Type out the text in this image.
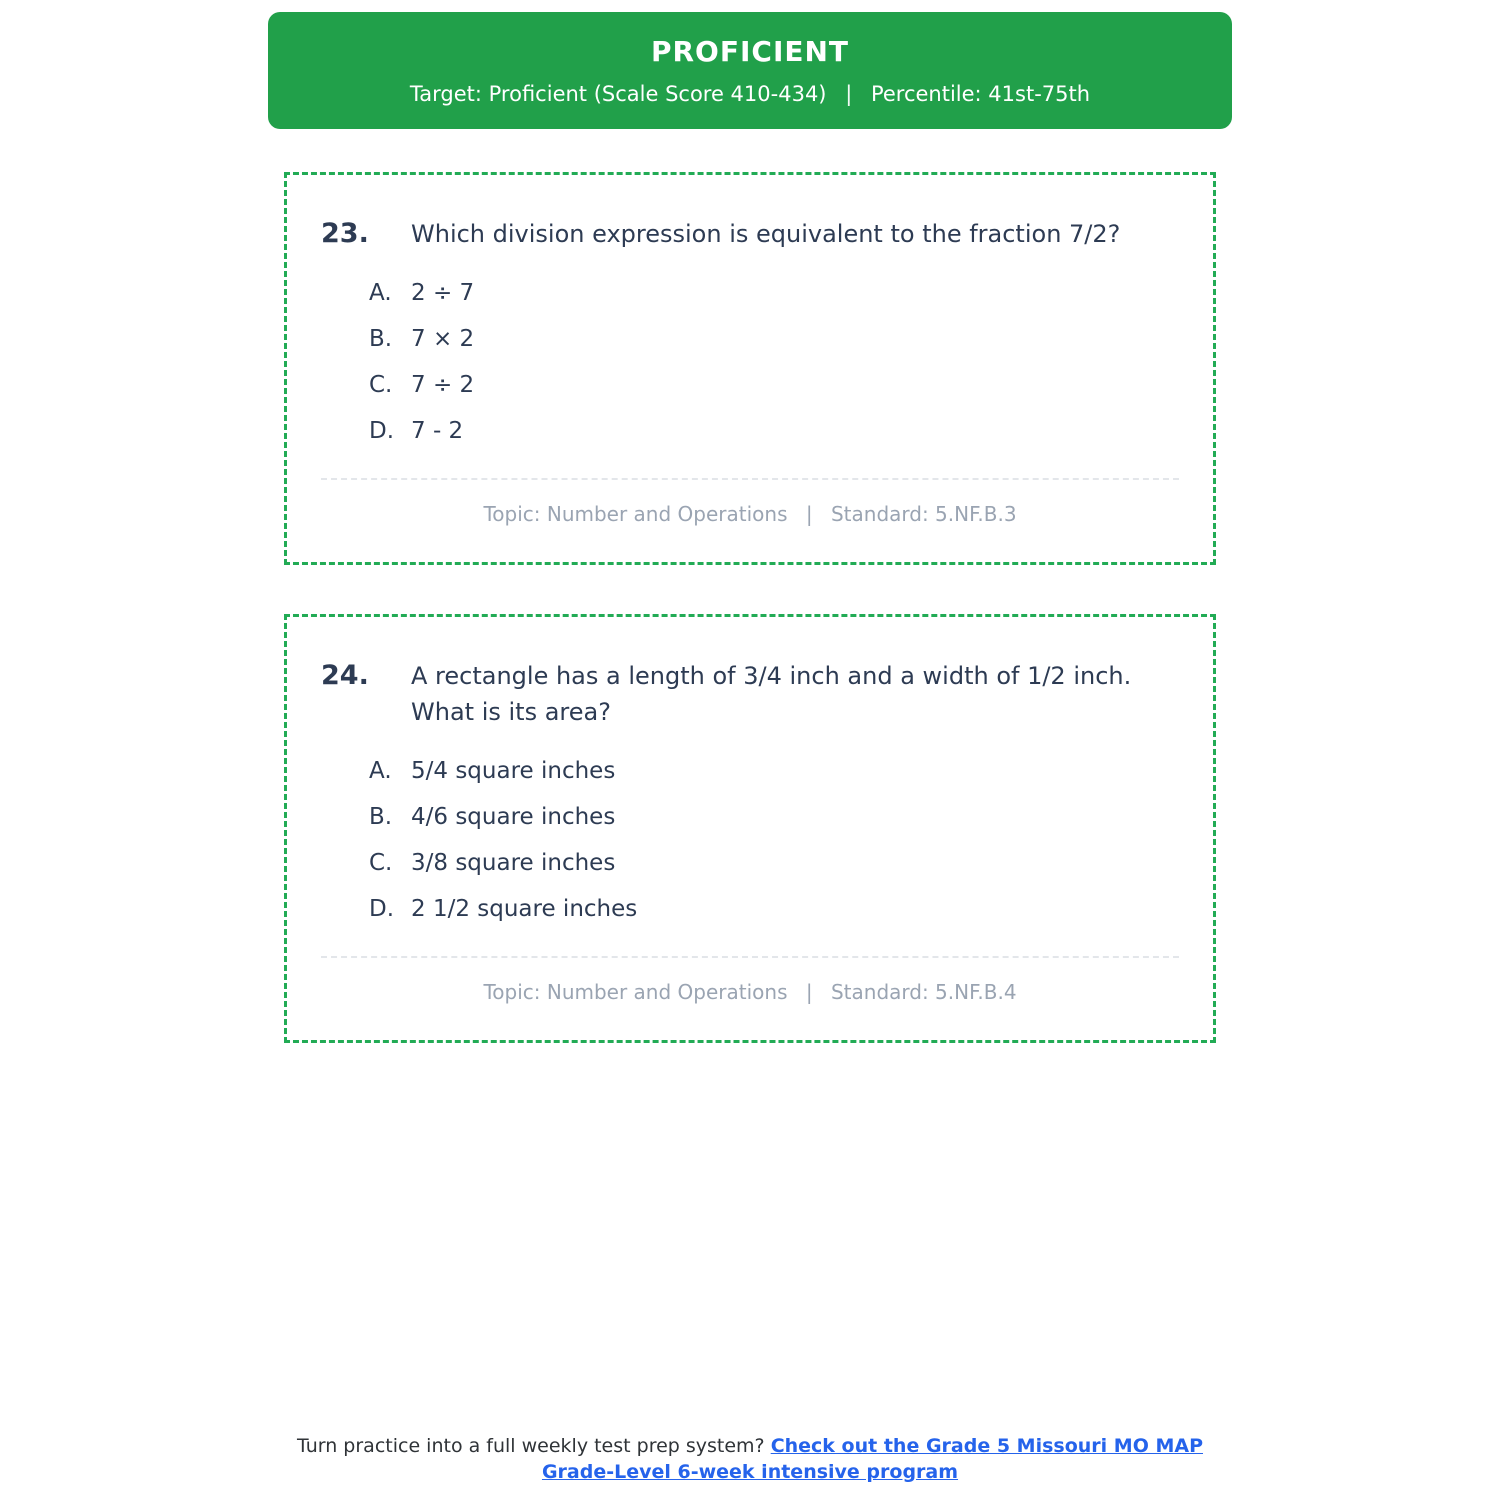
PROFICIENT
Target: Proficient (Scale Score 410-434) | Percentile: 41st-75th
23. Which division expression is equivalent to the fraction 7/2?
A. 2 ÷ 7
B. 7 × 2
C. 7 ÷ 2
D. 7 - 2
Topic: Number and Operations | Standard: 5.NF.B.3
24. A rectangle has a length of 3/4 inch and a width of 1/2 inch. What is its area?
A. 5/4 square inches
B. 4/6 square inches
C. 3/8 square inches
D. 2 1/2 square inches
Topic: Number and Operations | Standard: 5.NF.B.4
Turn practice into a full weekly test prep system? Check out the Grade 5 Missouri MO MAP Grade-Level 6-week intensive program
